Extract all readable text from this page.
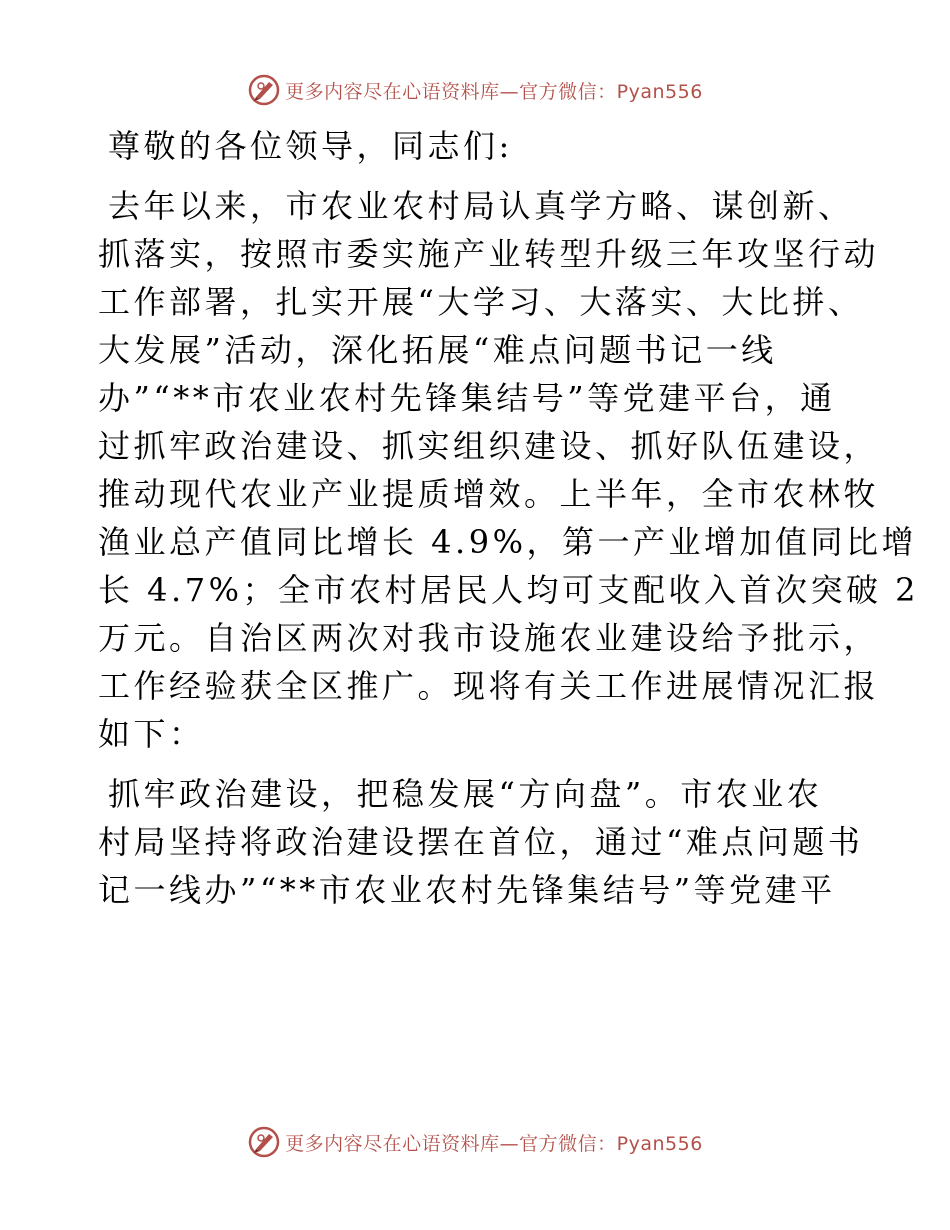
更多内容尽在心语资料库—官方微信：Pyan556

尊敬的各位领导，同志们:

去年以来，市农业农村局认真学方略、谋创新、
抓落实，按照市委实施产业转型升级三年攻坚行动
工作部署，扎实开展“大学习、大落实、大比拼、
大发展”活动，深化拓展“难点问题书记一线
办”“**市农业农村先锋集结号”等党建平台，通
过抓牢政治建设、抓实组织建设、抓好队伍建设，
推动现代农业产业提质增效。上半年，全市农林牧
渔业总产值同比增长 4.9%，第一产业增加值同比增
长 4.7%；全市农村居民人均可支配收入首次突破 2
万元。自治区两次对我市设施农业建设给予批示，
工作经验获全区推广。现将有关工作进展情况汇报
如下：

抓牢政治建设，把稳发展“方向盘”。市农业农
村局坚持将政治建设摆在首位，通过“难点问题书
记一线办”“**市农业农村先锋集结号”等党建平

更多内容尽在心语资料库—官方微信：Pyan556
